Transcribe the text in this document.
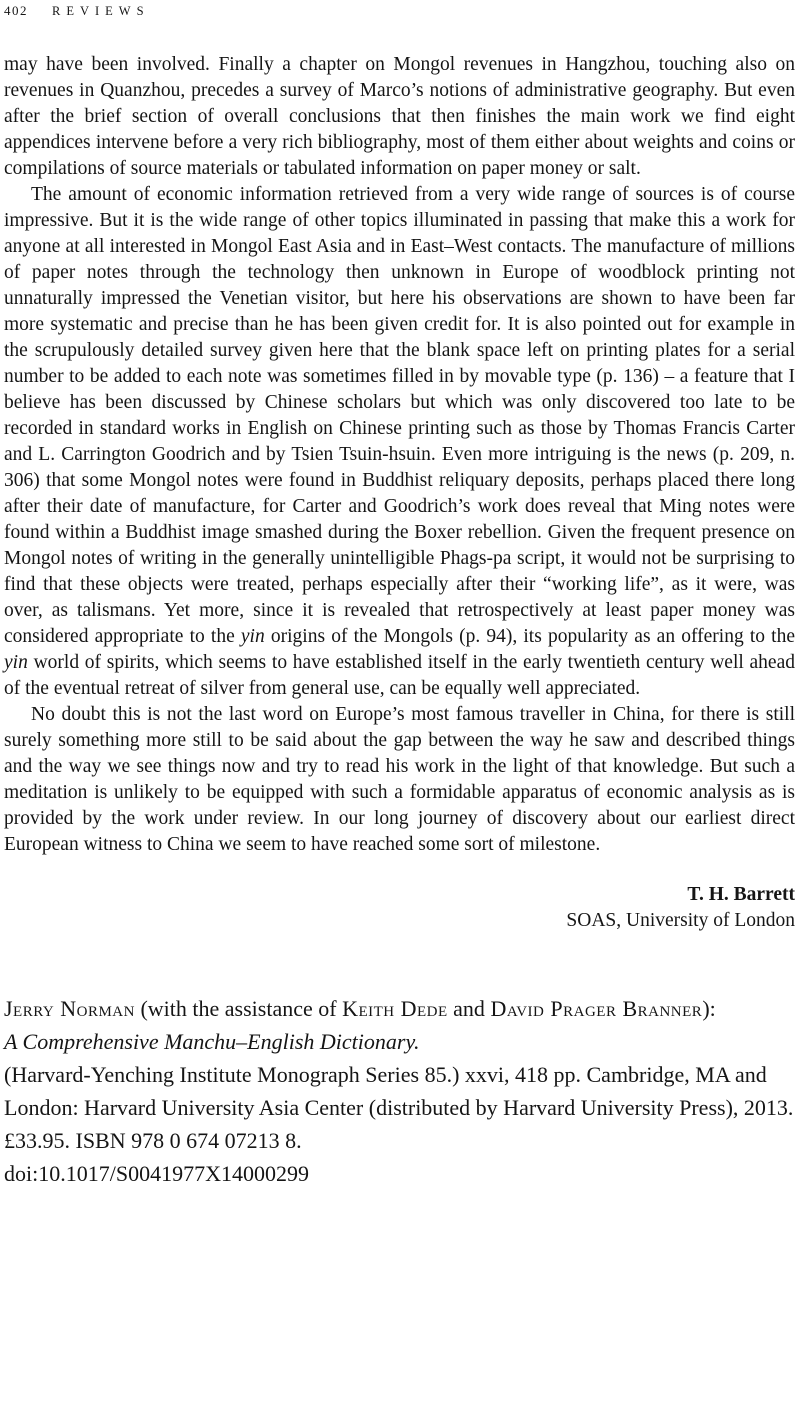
402 REVIEWS

may have been involved. Finally a chapter on Mongol revenues in Hangzhou, touching also on revenues in Quanzhou, precedes a survey of Marco’s notions of administrative geography. But even after the brief section of overall conclusions that then finishes the main work we find eight appendices intervene before a very rich bibliography, most of them either about weights and coins or compilations of source materials or tabulated information on paper money or salt.

The amount of economic information retrieved from a very wide range of sources is of course impressive. But it is the wide range of other topics illuminated in passing that make this a work for anyone at all interested in Mongol East Asia and in East–West contacts. The manufacture of millions of paper notes through the technology then unknown in Europe of woodblock printing not unnaturally impressed the Venetian visitor, but here his observations are shown to have been far more systematic and precise than he has been given credit for. It is also pointed out for example in the scrupulously detailed survey given here that the blank space left on printing plates for a serial number to be added to each note was sometimes filled in by movable type (p. 136) – a feature that I believe has been discussed by Chinese scholars but which was only discovered too late to be recorded in standard works in English on Chinese printing such as those by Thomas Francis Carter and L. Carrington Goodrich and by Tsien Tsuin-hsuin. Even more intriguing is the news (p. 209, n. 306) that some Mongol notes were found in Buddhist reliquary deposits, perhaps placed there long after their date of manufacture, for Carter and Goodrich’s work does reveal that Ming notes were found within a Buddhist image smashed during the Boxer rebellion. Given the frequent presence on Mongol notes of writing in the generally unintelligible Phags-pa script, it would not be surprising to find that these objects were treated, perhaps especially after their “working life”, as it were, was over, as talismans. Yet more, since it is revealed that retrospectively at least paper money was considered appropriate to the yin origins of the Mongols (p. 94), its popularity as an offering to the yin world of spirits, which seems to have established itself in the early twentieth century well ahead of the eventual retreat of silver from general use, can be equally well appreciated.

No doubt this is not the last word on Europe’s most famous traveller in China, for there is still surely something more still to be said about the gap between the way he saw and described things and the way we see things now and try to read his work in the light of that knowledge. But such a meditation is unlikely to be equipped with such a formidable apparatus of economic analysis as is provided by the work under review. In our long journey of discovery about our earliest direct European witness to China we seem to have reached some sort of milestone.

T. H. Barrett
SOAS, University of London

Jerry Norman (with the assistance of Keith Dede and David Prager Branner):

A Comprehensive Manchu–English Dictionary.

(Harvard-Yenching Institute Monograph Series 85.) xxvi, 418 pp. Cambridge, MA and London: Harvard University Asia Center (distributed by Harvard University Press), 2013. £33.95. ISBN 978 0 674 07213 8.

doi:10.1017/S0041977X14000299
